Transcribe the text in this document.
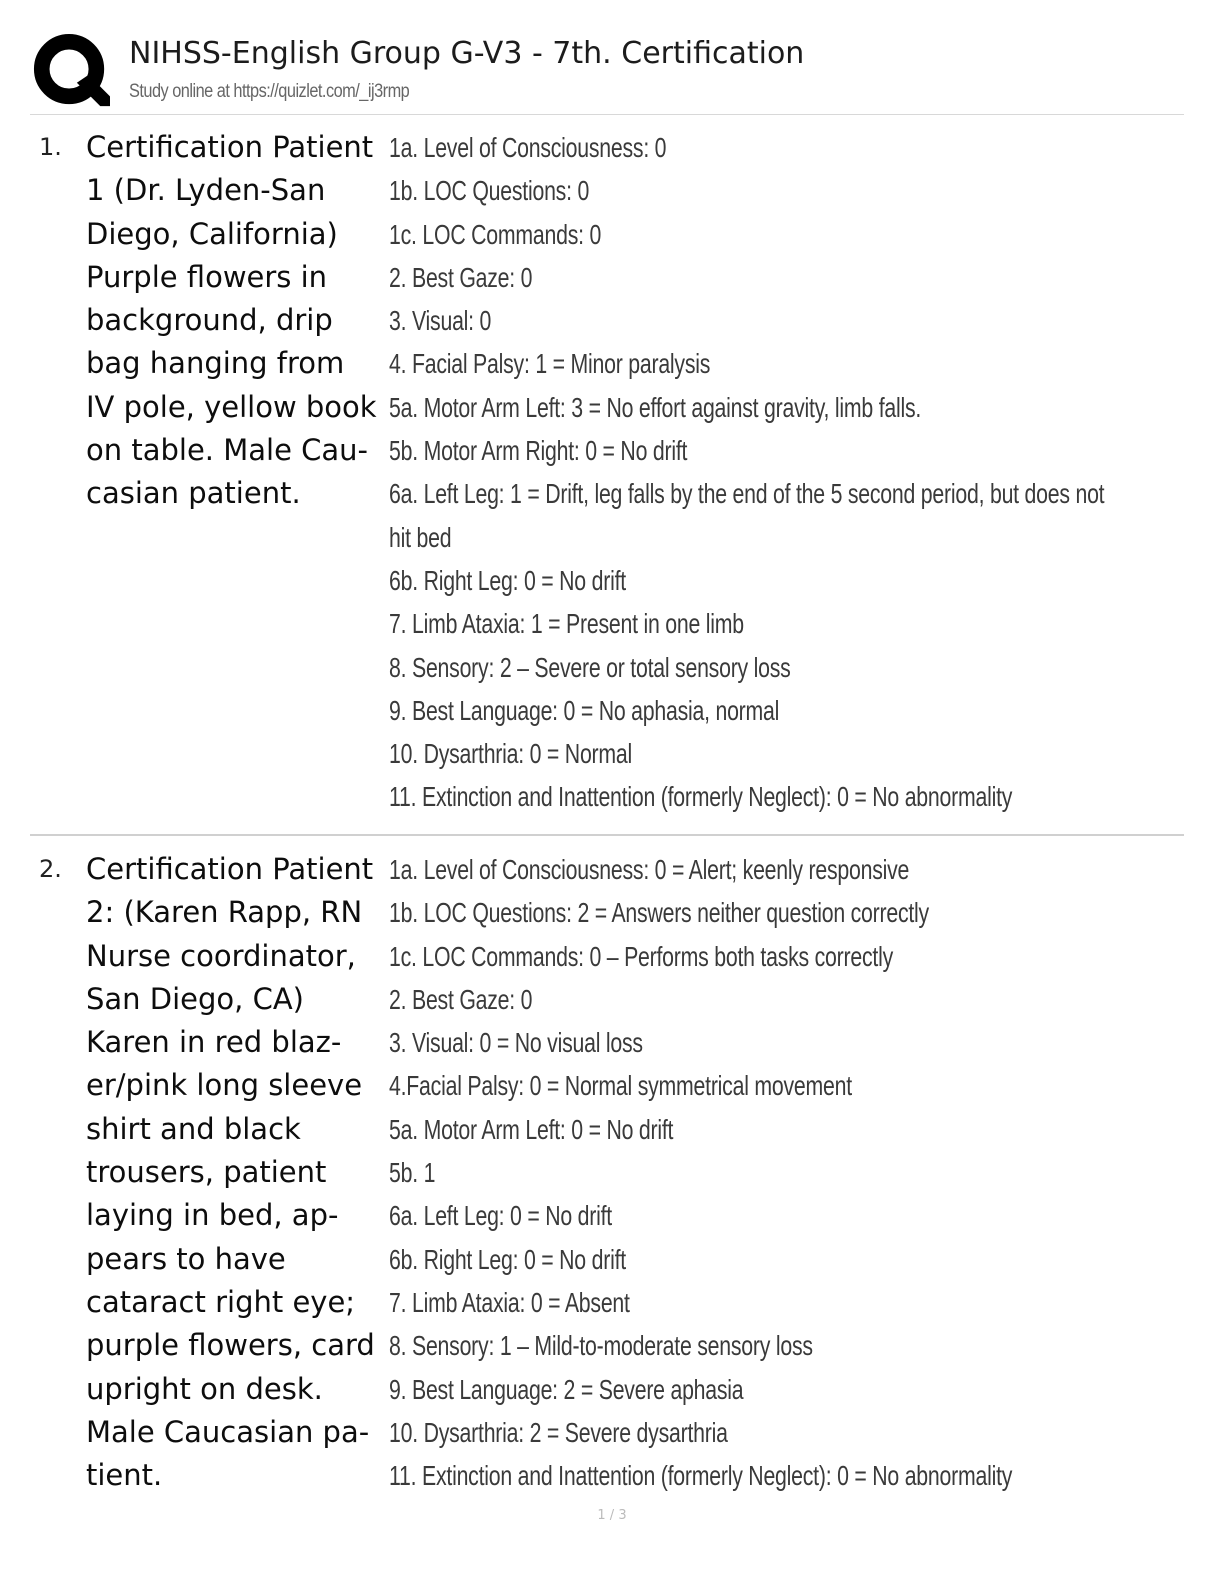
NIHSS-English Group G-V3 - 7th. Certification
Study online at https://quizlet.com/_ij3rmp
1. Certification Patient
1 (Dr. Lyden-San
Diego, California)
Purple flowers in
background, drip
bag hanging from
IV pole, yellow book
on table. Male Cau-
casian patient.
1a. Level of Consciousness: 0
1b. LOC Questions: 0
1c. LOC Commands: 0
2. Best Gaze: 0
3. Visual: 0
4. Facial Palsy: 1 = Minor paralysis
5a. Motor Arm Left: 3 = No effort against gravity, limb falls.
5b. Motor Arm Right: 0 = No drift
6a. Left Leg: 1 = Drift, leg falls by the end of the 5 second period, but does not
hit bed
6b. Right Leg: 0 = No drift
7. Limb Ataxia: 1 = Present in one limb
8. Sensory: 2 – Severe or total sensory loss
9. Best Language: 0 = No aphasia, normal
10. Dysarthria: 0 = Normal
11. Extinction and Inattention (formerly Neglect): 0 = No abnormality
2. Certification Patient
2: (Karen Rapp, RN
Nurse coordinator,
San Diego, CA)
Karen in red blaz-
er/pink long sleeve
shirt and black
trousers, patient
laying in bed, ap-
pears to have
cataract right eye;
purple flowers, card
upright on desk.
Male Caucasian pa-
tient.
1a. Level of Consciousness: 0 = Alert; keenly responsive
1b. LOC Questions: 2 = Answers neither question correctly
1c. LOC Commands: 0 – Performs both tasks correctly
2. Best Gaze: 0
3. Visual: 0 = No visual loss
4.Facial Palsy: 0 = Normal symmetrical movement
5a. Motor Arm Left: 0 = No drift
5b. 1
6a. Left Leg: 0 = No drift
6b. Right Leg: 0 = No drift
7. Limb Ataxia: 0 = Absent
8. Sensory: 1 – Mild-to-moderate sensory loss
9. Best Language: 2 = Severe aphasia
10. Dysarthria: 2 = Severe dysarthria
11. Extinction and Inattention (formerly Neglect): 0 = No abnormality
1 / 3
